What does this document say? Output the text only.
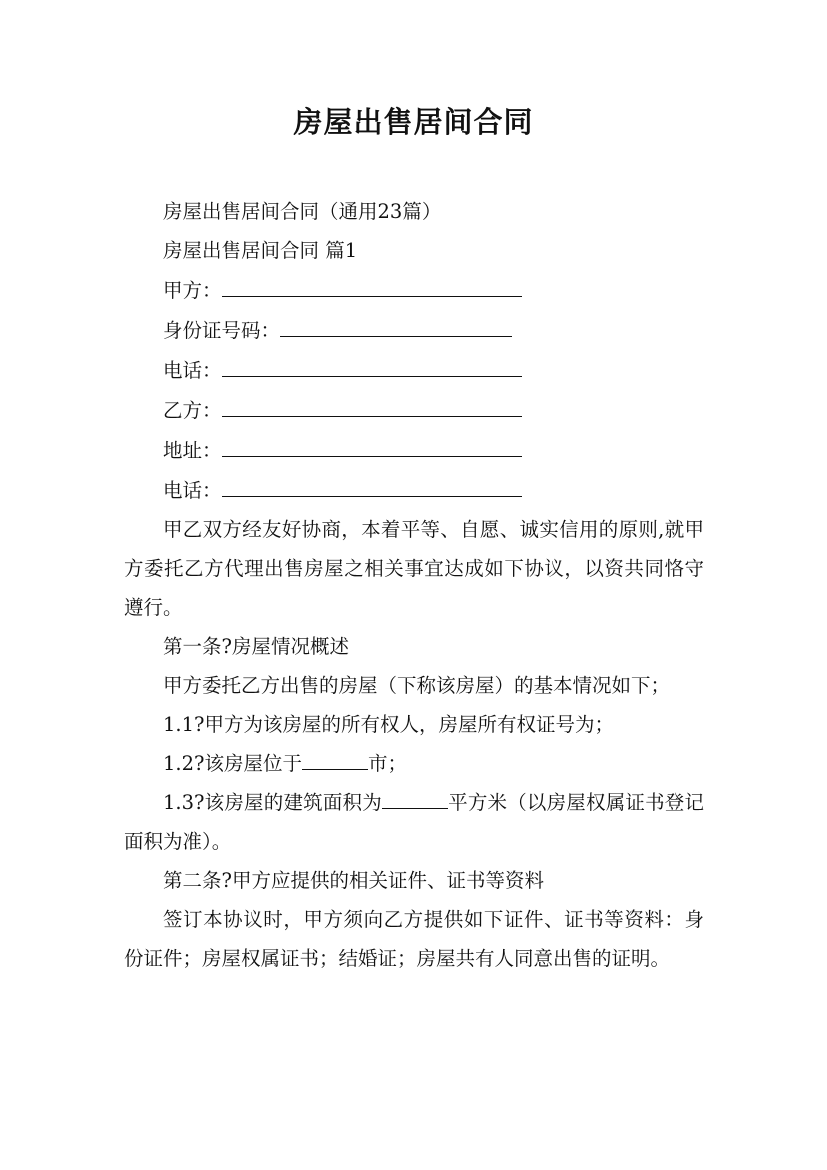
房屋出售居间合同

房屋出售居间合同（通用23篇）

房屋出售居间合同 篇1

甲方：

身份证号码：

电话：

乙方：

地址：

电话：

甲乙双方经友好协商，本着平等、自愿、诚实信用的原则,就甲方委托乙方代理出售房屋之相关事宜达成如下协议，以资共同恪守遵行。

第一条?房屋情况概述

甲方委托乙方出售的房屋（下称该房屋）的基本情况如下；

1.1?甲方为该房屋的所有权人，房屋所有权证号为；

1.2?该房屋位于	市；

1.3?该房屋的建筑面积为	平方米（以房屋权属证书登记面积为准）。

第二条?甲方应提供的相关证件、证书等资料

签订本协议时，甲方须向乙方提供如下证件、证书等资料：身份证件；房屋权属证书；结婚证；房屋共有人同意出售的证明。
